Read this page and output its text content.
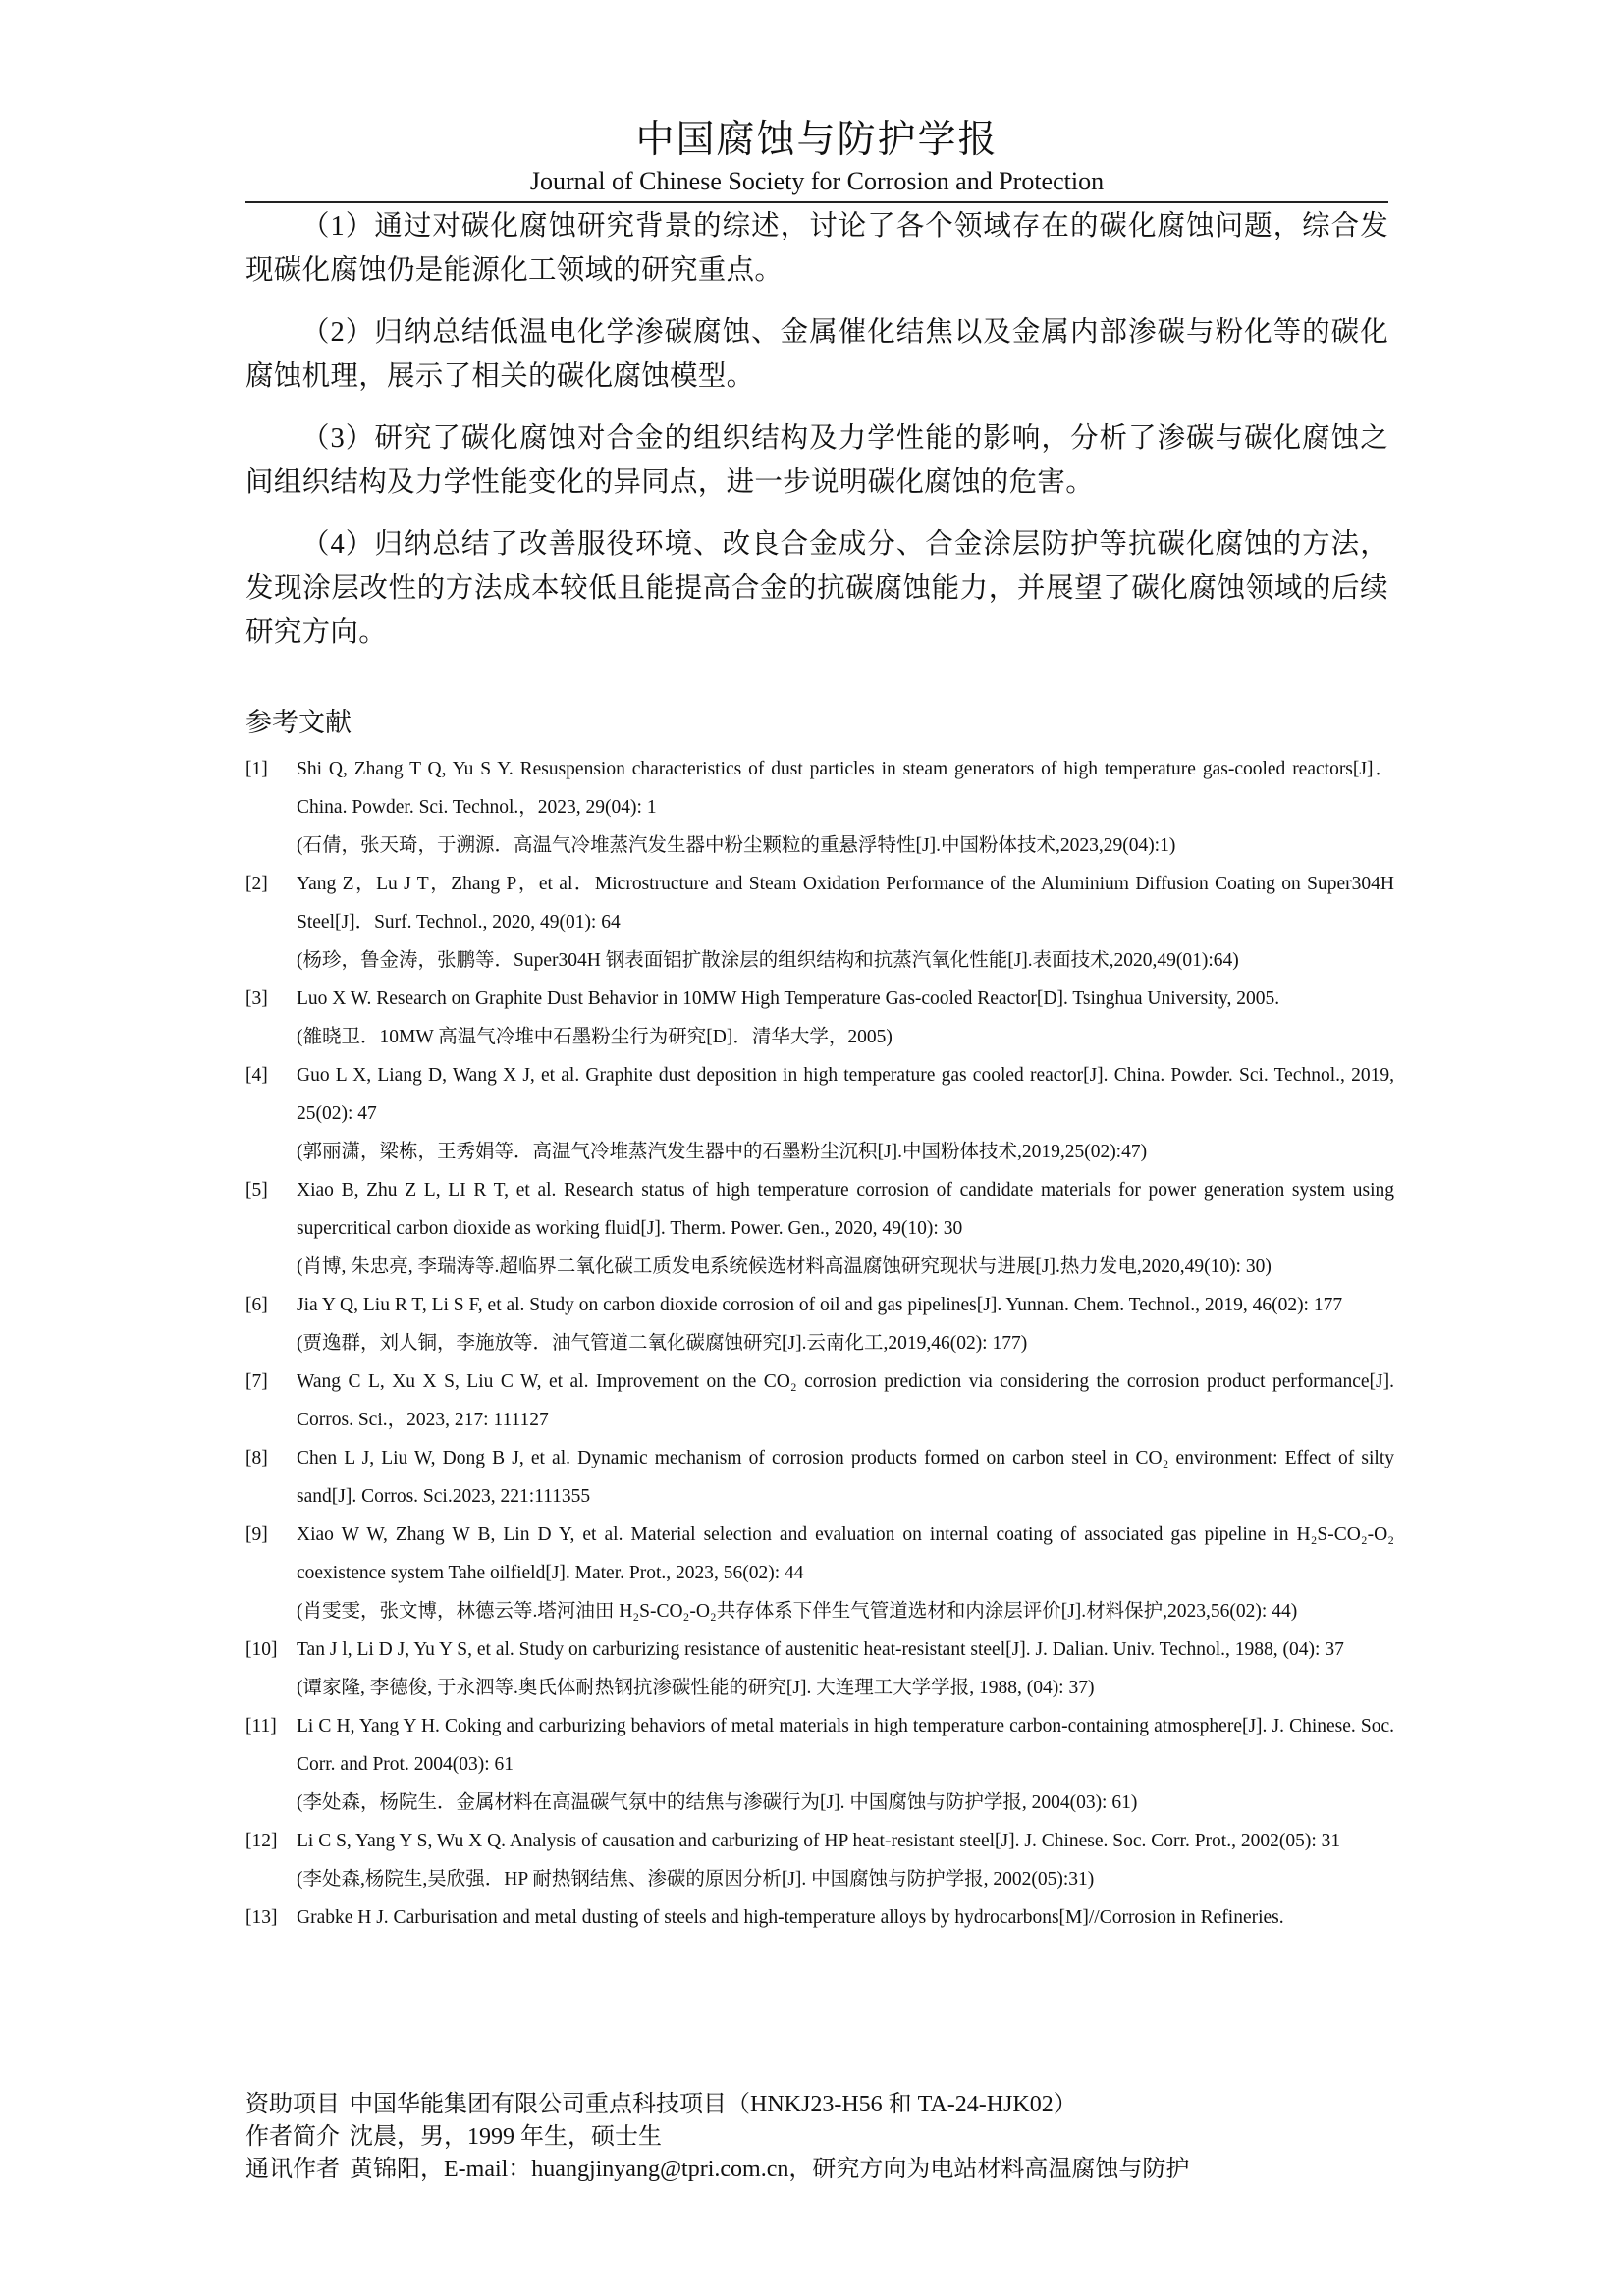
中国腐蚀与防护学报
Journal of Chinese Society for Corrosion and Protection

（1）通过对碳化腐蚀研究背景的综述，讨论了各个领域存在的碳化腐蚀问题，综合发现碳化腐蚀仍是能源化工领域的研究重点。

（2）归纳总结低温电化学渗碳腐蚀、金属催化结焦以及金属内部渗碳与粉化等的碳化腐蚀机理，展示了相关的碳化腐蚀模型。

（3）研究了碳化腐蚀对合金的组织结构及力学性能的影响，分析了渗碳与碳化腐蚀之间组织结构及力学性能变化的异同点，进一步说明碳化腐蚀的危害。

（4）归纳总结了改善服役环境、改良合金成分、合金涂层防护等抗碳化腐蚀的方法，发现涂层改性的方法成本较低且能提高合金的抗碳腐蚀能力，并展望了碳化腐蚀领域的后续研究方向。

参考文献
[1] Shi Q, Zhang T Q, Yu S Y. Resuspension characteristics of dust particles in steam generators of high temperature gas-cooled reactors[J]．China. Powder. Sci. Technol.，2023, 29(04): 1
(石倩，张天琦，于溯源．高温气冷堆蒸汽发生器中粉尘颗粒的重悬浮特性[J].中国粉体技术,2023,29(04):1)
[2] Yang Z，Lu J T，Zhang P，et al．Microstructure and Steam Oxidation Performance of the Aluminium Diffusion Coating on Super304H Steel[J]．Surf. Technol., 2020, 49(01): 64
(杨珍，鲁金涛，张鹏等．Super304H 钢表面铝扩散涂层的组织结构和抗蒸汽氧化性能[J].表面技术,2020,49(01):64)
[3] Luo X W. Research on Graphite Dust Behavior in 10MW High Temperature Gas-cooled Reactor[D]. Tsinghua University, 2005.
(雒晓卫．10MW 高温气冷堆中石墨粉尘行为研究[D]．清华大学，2005)
[4] Guo L X, Liang D, Wang X J, et al. Graphite dust deposition in high temperature gas cooled reactor[J]. China. Powder. Sci. Technol., 2019, 25(02): 47
(郭丽潇，梁栋，王秀娟等．高温气冷堆蒸汽发生器中的石墨粉尘沉积[J].中国粉体技术,2019,25(02):47)
[5] Xiao B, Zhu Z L, LI R T, et al. Research status of high temperature corrosion of candidate materials for power generation system using supercritical carbon dioxide as working fluid[J]. Therm. Power. Gen., 2020, 49(10): 30
(肖博, 朱忠亮, 李瑞涛等.超临界二氧化碳工质发电系统候选材料高温腐蚀研究现状与进展[J].热力发电,2020,49(10): 30)
[6] Jia Y Q, Liu R T, Li S F, et al. Study on carbon dioxide corrosion of oil and gas pipelines[J]. Yunnan. Chem. Technol., 2019, 46(02): 177
(贾逸群，刘人铜，李施放等．油气管道二氧化碳腐蚀研究[J].云南化工,2019,46(02): 177)
[7] Wang C L, Xu X S, Liu C W, et al. Improvement on the CO₂ corrosion prediction via considering the corrosion product performance[J]. Corros. Sci.，2023, 217: 111127
[8] Chen L J, Liu W, Dong B J, et al. Dynamic mechanism of corrosion products formed on carbon steel in CO₂ environment: Effect of silty sand[J]. Corros. Sci.2023, 221:111355
[9] Xiao W W, Zhang W B, Lin D Y, et al. Material selection and evaluation on internal coating of associated gas pipeline in H₂S-CO₂-O₂ coexistence system Tahe oilfield[J]. Mater. Prot., 2023, 56(02): 44
(肖雯雯，张文博，林德云等.塔河油田 H₂S-CO₂-O₂共存体系下伴生气管道选材和内涂层评价[J].材料保护,2023,56(02): 44)
[10] Tan J l, Li D J, Yu Y S, et al. Study on carburizing resistance of austenitic heat-resistant steel[J]. J. Dalian. Univ. Technol., 1988, (04): 37
(谭家隆, 李德俊, 于永泗等.奥氏体耐热钢抗渗碳性能的研究[J]. 大连理工大学学报, 1988, (04): 37)
[11] Li C H, Yang Y H. Coking and carburizing behaviors of metal materials in high temperature carbon-containing atmosphere[J]. J. Chinese. Soc. Corr. and Prot. 2004(03): 61
(李处森，杨院生．金属材料在高温碳气氛中的结焦与渗碳行为[J]. 中国腐蚀与防护学报, 2004(03): 61)
[12] Li C S, Yang Y S, Wu X Q. Analysis of causation and carburizing of HP heat-resistant steel[J]. J. Chinese. Soc. Corr. Prot., 2002(05): 31
(李处森,杨院生,吴欣强．HP 耐热钢结焦、渗碳的原因分析[J]. 中国腐蚀与防护学报, 2002(05):31)
[13] Grabke H J. Carburisation and metal dusting of steels and high-temperature alloys by hydrocarbons[M]//Corrosion in Refineries.
资助项目 中国华能集团有限公司重点科技项目（HNKJ23-H56 和 TA-24-HJK02）
作者简介 沈晨，男，1999 年生，硕士生
通讯作者 黄锦阳，E-mail：huangjinyang@tpri.com.cn，研究方向为电站材料高温腐蚀与防护
